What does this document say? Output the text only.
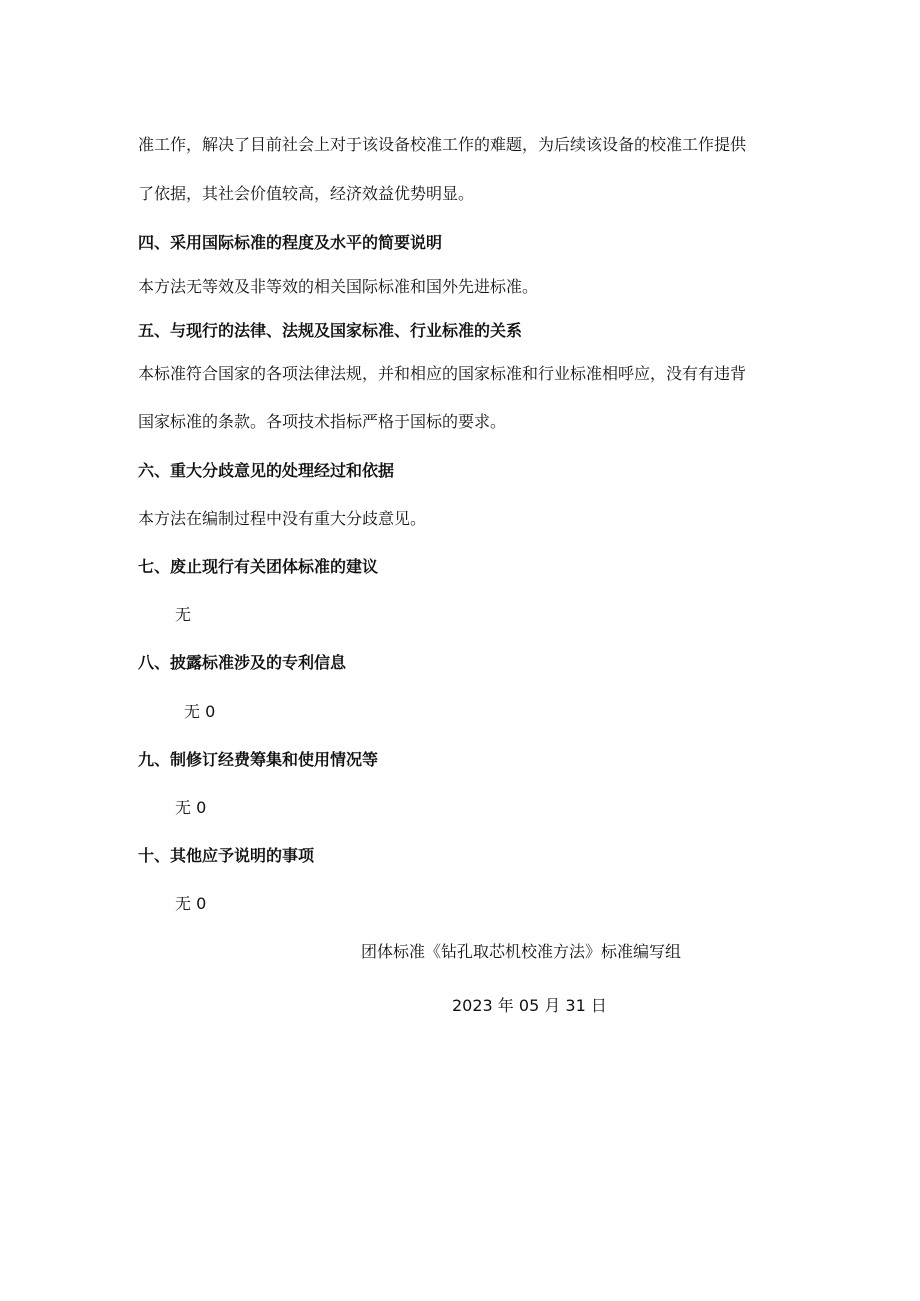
准工作，解决了目前社会上对于该设备校准工作的难题，为后续该设备的校准工作提供

了依据，其社会价值较高，经济效益优势明显。

四、采用国际标准的程度及水平的简要说明

本方法无等效及非等效的相关国际标准和国外先进标准。

五、与现行的法律、法规及国家标准、行业标准的关系

本标准符合国家的各项法律法规，并和相应的国家标准和行业标准相呼应，没有有违背

国家标准的条款。各项技术指标严格于国标的要求。

六、重大分歧意见的处理经过和依据

本方法在编制过程中没有重大分歧意见。

七、废止现行有关团体标准的建议

无

八、披露标准涉及的专利信息

无 0

九、制修订经费筹集和使用情况等

无 0

十、其他应予说明的事项

无 0

团体标准《钻孔取芯机校准方法》标准编写组
2023 年 05 月 31 日
